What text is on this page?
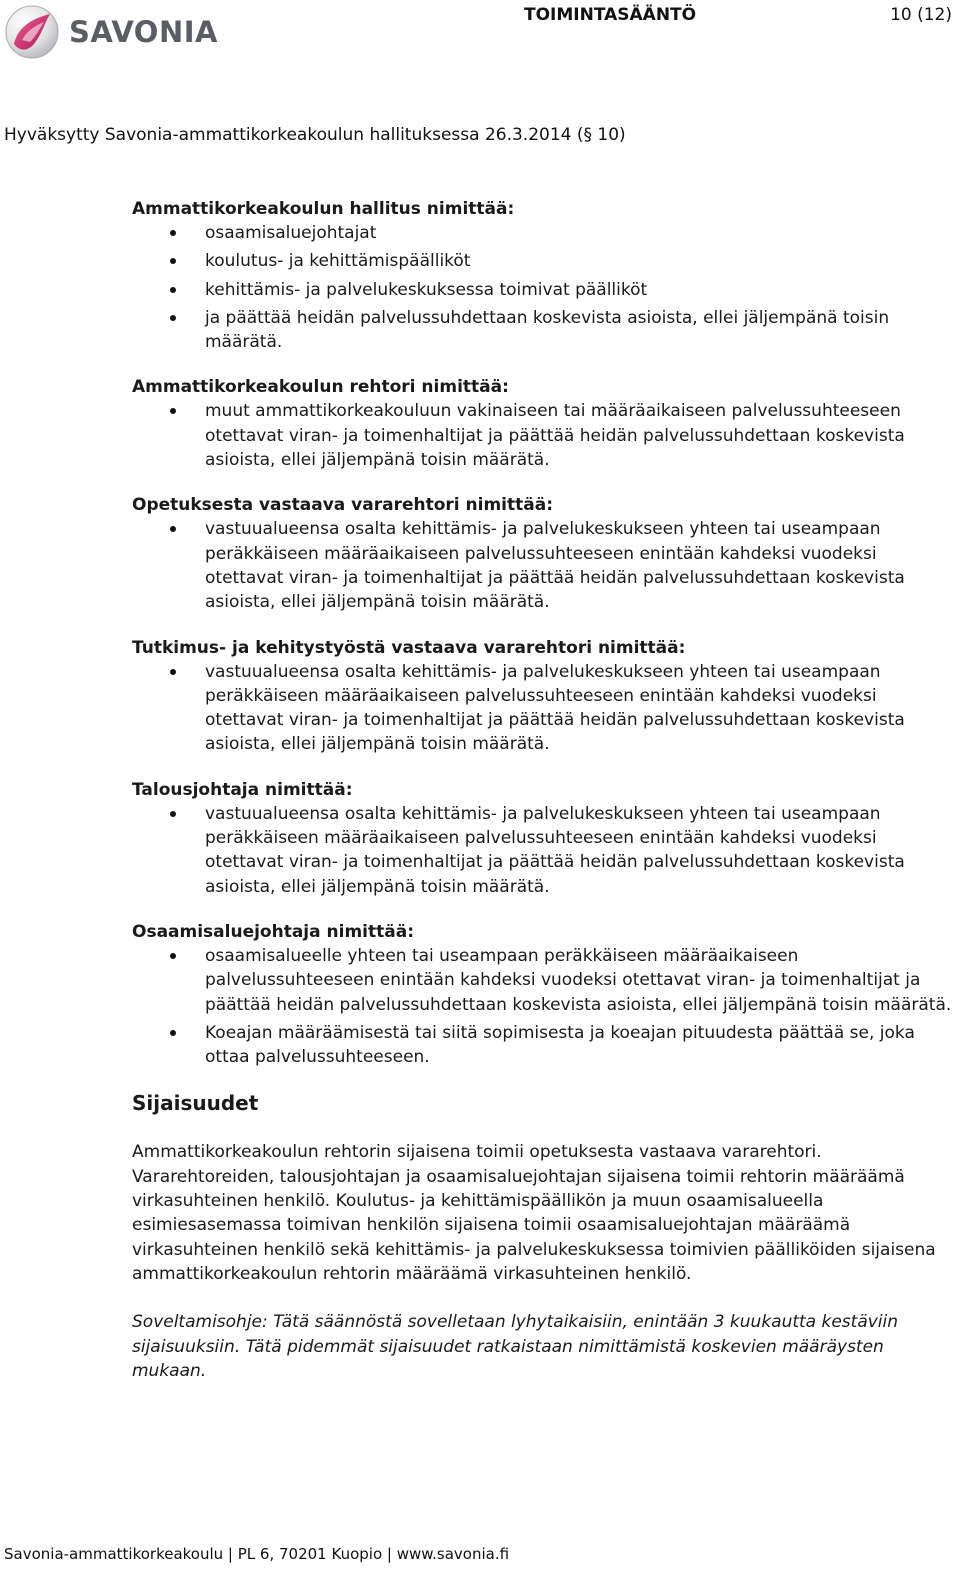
SAVONIA	TOIMINTASÄÄNTÖ	10 (12)
Hyväksytty Savonia-ammattikorkeakoulun hallituksessa 26.3.2014 (§ 10)
Ammattikorkeakoulun hallitus nimittää:
osaamisaluejohtajat
koulutus- ja kehittämispäälliköt
kehittämis- ja palvelukeskuksessa toimivat päälliköt
ja päättää heidän palvelussuhdettaan koskevista asioista, ellei jäljempänä toisin määrätä.
Ammattikorkeakoulun rehtori nimittää:
muut ammattikorkeakouluun vakinaiseen tai määräaikaiseen palvelussuhteeseen otettavat viran- ja toimenhaltijat ja päättää heidän palvelussuhdettaan koskevista asioista, ellei jäljempänä toisin määrätä.
Opetuksesta vastaava vararehtori nimittää:
vastuualueensa osalta kehittämis- ja palvelukeskukseen yhteen tai useampaan peräkkäiseen määräaikaiseen palvelussuhteeseen enintään kahdeksi vuodeksi otettavat viran- ja toimenhaltijat ja päättää heidän palvelussuhdettaan koskevista asioista, ellei jäljempänä toisin määrätä.
Tutkimus- ja kehitystyöstä vastaava vararehtori nimittää:
vastuualueensa osalta kehittämis- ja palvelukeskukseen yhteen tai useampaan peräkkäiseen määräaikaiseen palvelussuhteeseen enintään kahdeksi vuodeksi otettavat viran- ja toimenhaltijat ja päättää heidän palvelussuhdettaan koskevista asioista, ellei jäljempänä toisin määrätä.
Talousjohtaja nimittää:
vastuualueensa osalta kehittämis- ja palvelukeskukseen yhteen tai useampaan peräkkäiseen määräaikaiseen palvelussuhteeseen enintään kahdeksi vuodeksi otettavat viran- ja toimenhaltijat ja päättää heidän palvelussuhdettaan koskevista asioista, ellei jäljempänä toisin määrätä.
Osaamisaluejohtaja nimittää:
osaamisalueelle yhteen tai useampaan peräkkäiseen määräaikaiseen palvelussuhteeseen enintään kahdeksi vuodeksi otettavat viran- ja toimenhaltijat ja päättää heidän palvelussuhdettaan koskevista asioista, ellei jäljempänä toisin määrätä.
Koeajan määräämisestä tai siitä sopimisesta ja koeajan pituudesta päättää se, joka ottaa palvelussuhteeseen.
Sijaisuudet
Ammattikorkeakoulun rehtorin sijaisena toimii opetuksesta vastaava vararehtori.
Vararehtoreiden, talousjohtajan ja osaamisaluejohtajan sijaisena toimii rehtorin määräämä
virkasuhteinen henkilö. Koulutus- ja kehittämispäällikön ja muun osaamisalueella
esimiesasemassa toimivan henkilön sijaisena toimii osaamisaluejohtajan määräämä
virkasuhteinen henkilö sekä kehittämis- ja palvelukeskuksessa toimivien päälliköiden sijaisena
ammattikorkeakoulun rehtorin määräämä virkasuhteinen henkilö.
Soveltamisohje: Tätä säännöstä sovelletaan lyhytaikaisiin, enintään 3 kuukautta kestäviin sijaisuuksiin. Tätä pidemmät sijaisuudet ratkaistaan nimittämistä koskevien määräysten mukaan.
Savonia-ammattikorkeakoulu | PL 6, 70201 Kuopio | www.savonia.fi
